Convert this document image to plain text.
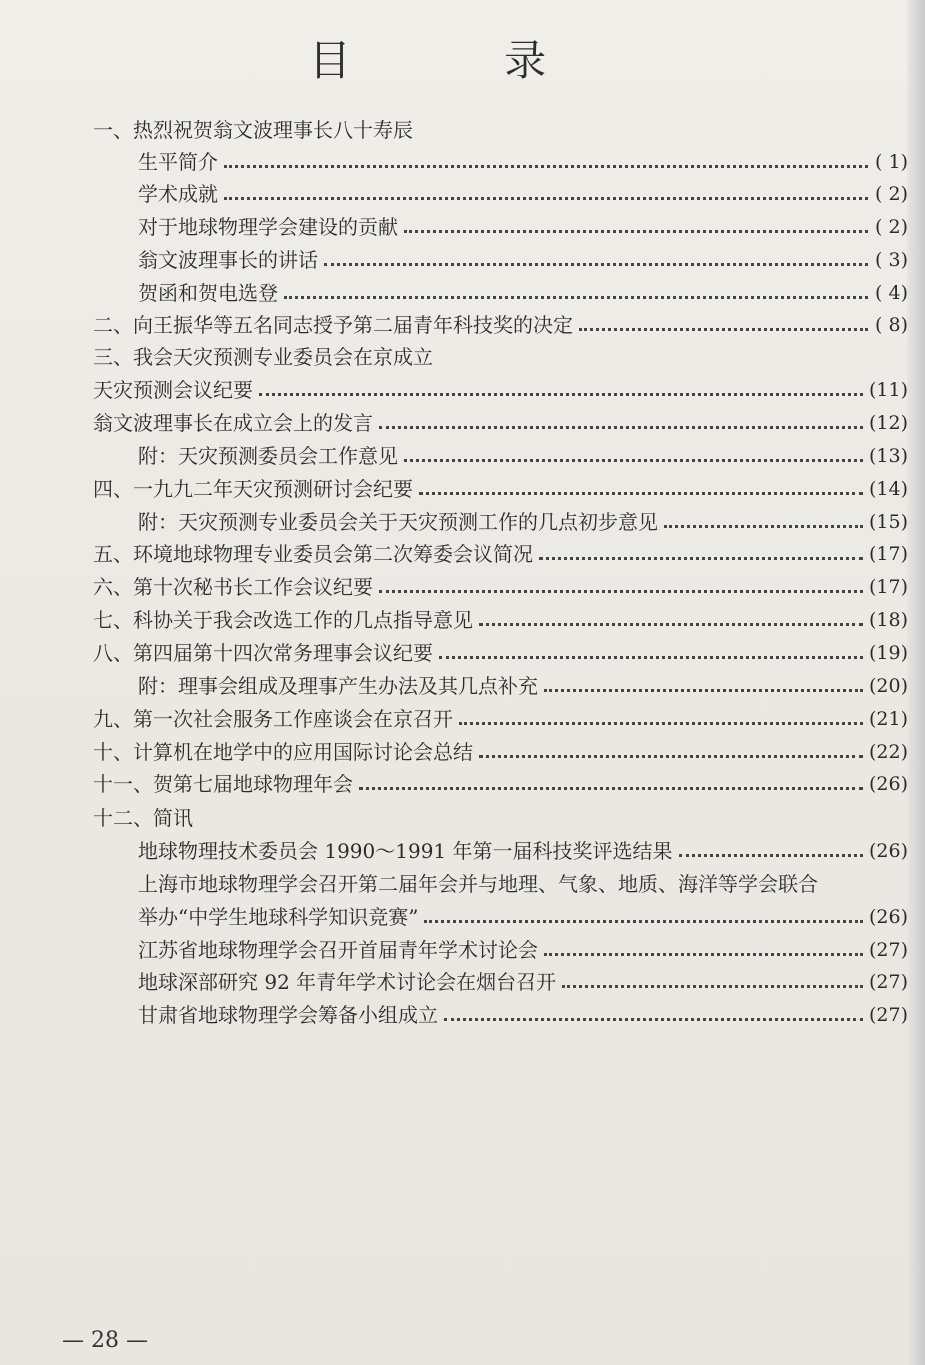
目 录
一、热烈祝贺翁文波理事长八十寿辰
生平简介	( 1)
学术成就	( 2)
对于地球物理学会建设的贡献	( 2)
翁文波理事长的讲话	( 3)
贺函和贺电选登	( 4)
二、向王振华等五名同志授予第二届青年科技奖的决定	( 8)
三、我会天灾预测专业委员会在京成立
天灾预测会议纪要	(11)
翁文波理事长在成立会上的发言	(12)
附：天灾预测委员会工作意见	(13)
四、一九九二年天灾预测研讨会纪要	(14)
附：天灾预测专业委员会关于天灾预测工作的几点初步意见	(15)
五、环境地球物理专业委员会第二次筹委会议简况	(17)
六、第十次秘书长工作会议纪要	(17)
七、科协关于我会改选工作的几点指导意见	(18)
八、第四届第十四次常务理事会议纪要	(19)
附：理事会组成及理事产生办法及其几点补充	(20)
九、第一次社会服务工作座谈会在京召开	(21)
十、计算机在地学中的应用国际讨论会总结	(22)
十一、贺第七届地球物理年会	(26)
十二、简讯
地球物理技术委员会 1990～1991 年第一届科技奖评选结果	(26)
上海市地球物理学会召开第二届年会并与地理、气象、地质、海洋等学会联合
举办“中学生地球科学知识竞赛”	(26)
江苏省地球物理学会召开首届青年学术讨论会	(27)
地球深部研究 92 年青年学术讨论会在烟台召开	(27)
甘肃省地球物理学会筹备小组成立	(27)
— 28 —
